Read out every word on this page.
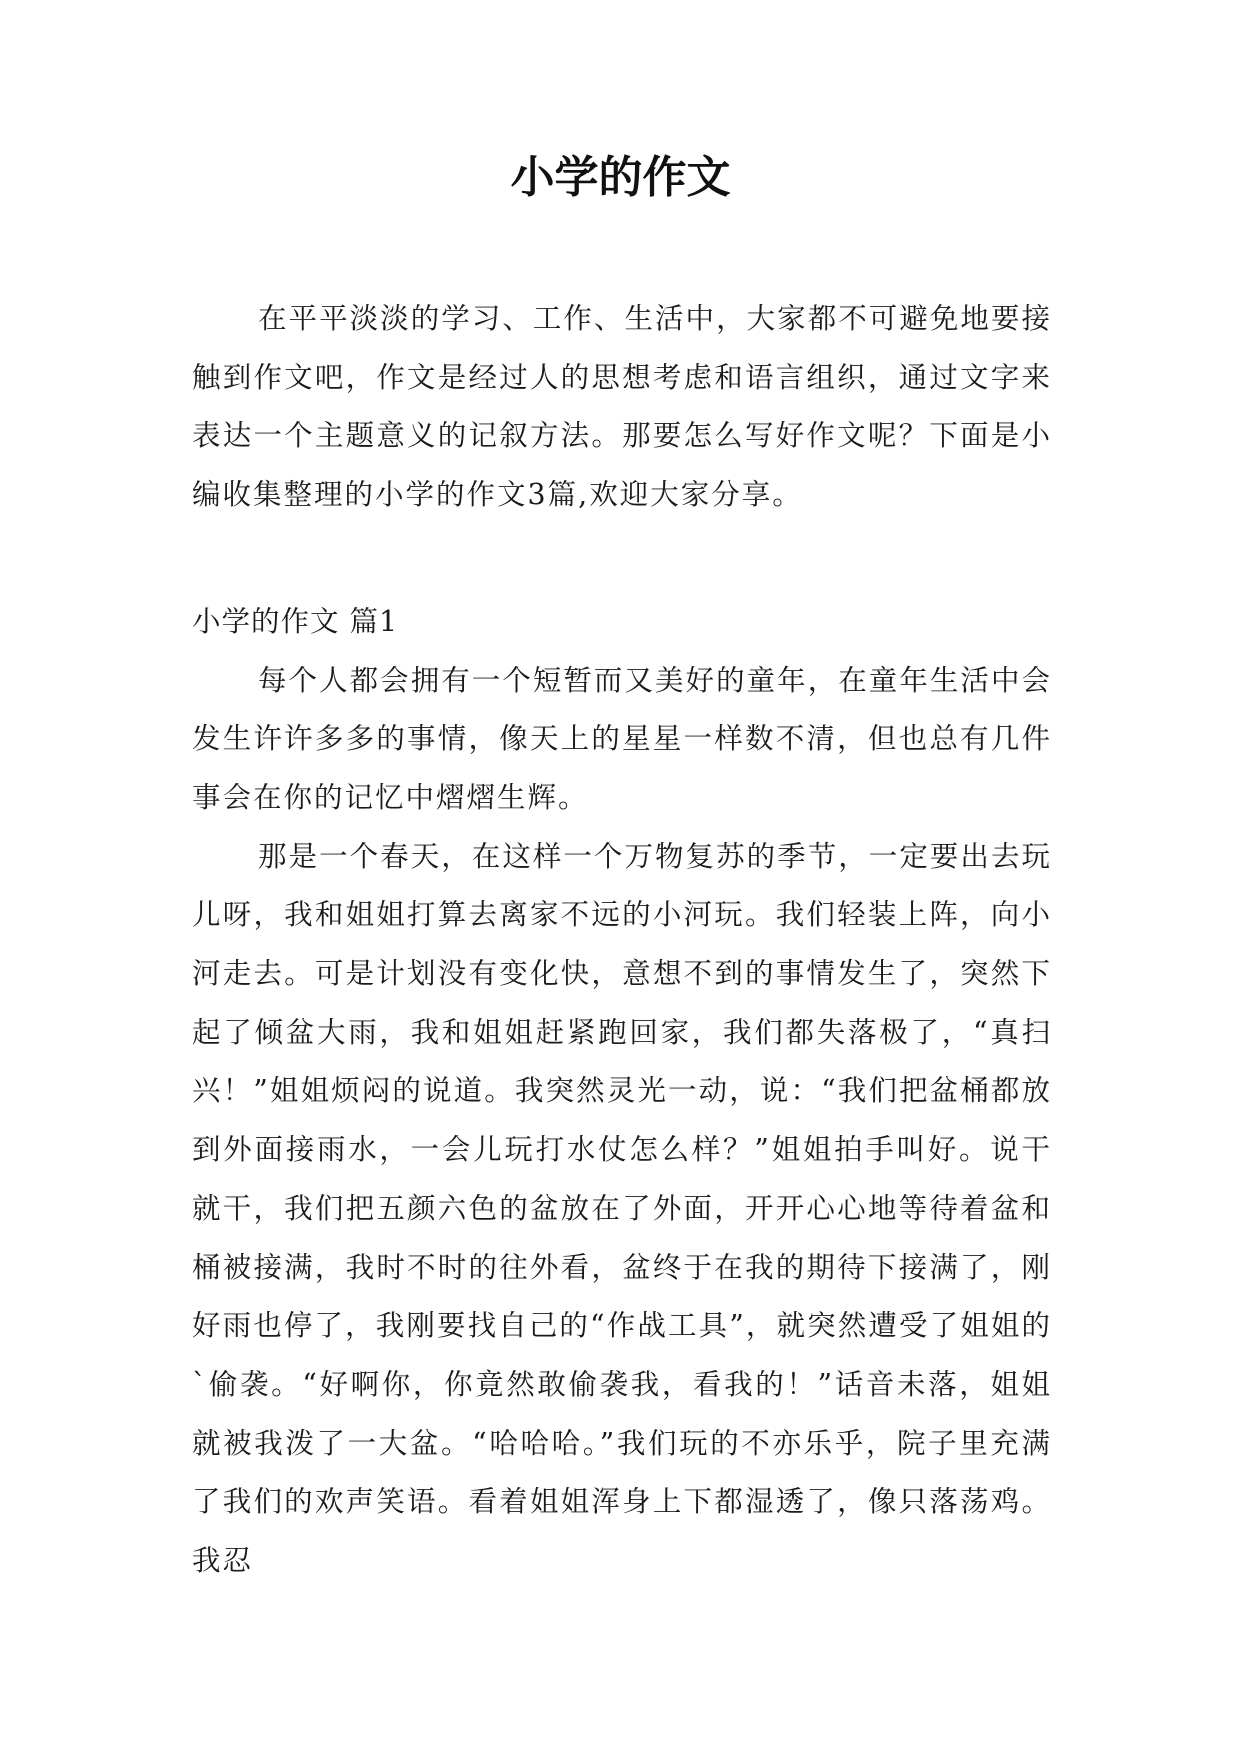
小学的作文

在平平淡淡的学习、工作、生活中，大家都不可避免地要接触到作文吧，作文是经过人的思想考虑和语言组织，通过文字来表达一个主题意义的记叙方法。那要怎么写好作文呢？下面是小编收集整理的小学的作文3篇,欢迎大家分享。

小学的作文 篇1

每个人都会拥有一个短暂而又美好的童年，在童年生活中会发生许许多多的事情，像天上的星星一样数不清，但也总有几件事会在你的记忆中熠熠生辉。

那是一个春天，在这样一个万物复苏的季节，一定要出去玩儿呀，我和姐姐打算去离家不远的小河玩。我们轻装上阵，向小河走去。可是计划没有变化快，意想不到的事情发生了，突然下起了倾盆大雨，我和姐姐赶紧跑回家，我们都失落极了，“真扫兴！”姐姐烦闷的说道。我突然灵光一动，说：“我们把盆桶都放到外面接雨水，一会儿玩打水仗怎么样？”姐姐拍手叫好。说干就干，我们把五颜六色的盆放在了外面，开开心心地等待着盆和桶被接满，我时不时的往外看，盆终于在我的期待下接满了，刚好雨也停了，我刚要找自己的“作战工具”，就突然遭受了姐姐的`偷袭。“好啊你，你竟然敢偷袭我，看我的！”话音未落，姐姐就被我泼了一大盆。“哈哈哈。”我们玩的不亦乐乎，院子里充满了我们的欢声笑语。看着姐姐浑身上下都湿透了，像只落荡鸡。我忍
